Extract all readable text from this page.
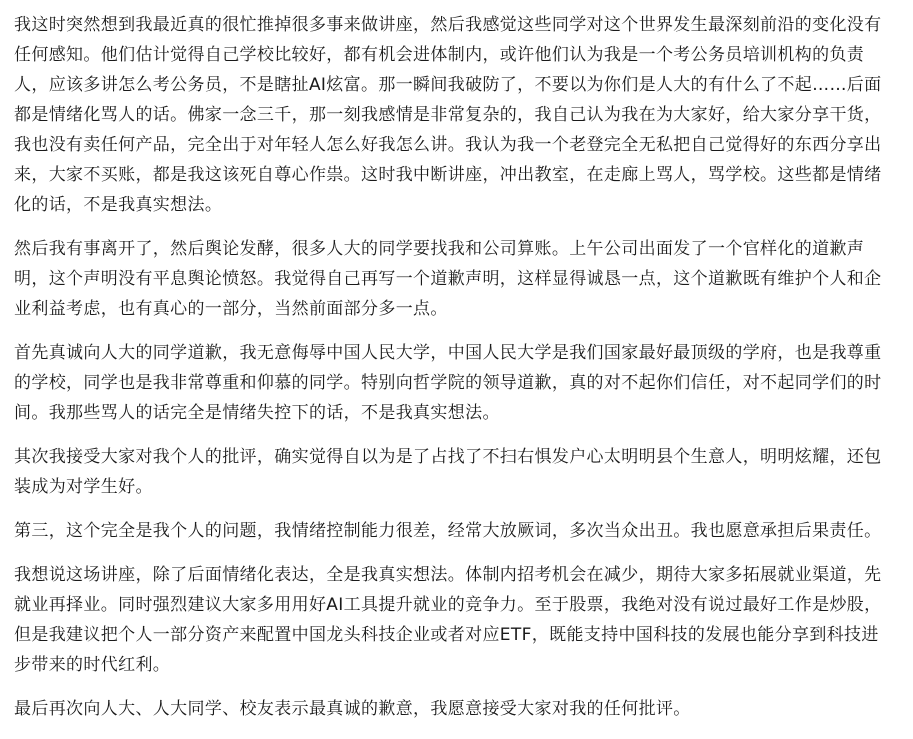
我这时突然想到我最近真的很忙推掉很多事来做讲座，然后我感觉这些同学对这个世界发生最深刻前沿的变化没有任何感知。他们估计觉得自己学校比较好，都有机会进体制内，或许他们认为我是一个考公务员培训机构的负责人，应该多讲怎么考公务员，不是瞎扯AI炫富。那一瞬间我破防了，不要以为你们是人大的有什么了不起……后面都是情绪化骂人的话。佛家一念三千，那一刻我感情是非常复杂的，我自己认为我在为大家好，给大家分享干货，我也没有卖任何产品，完全出于对年轻人怎么好我怎么讲。我认为我一个老登完全无私把自己觉得好的东西分享出来，大家不买账，都是我这该死自尊心作祟。这时我中断讲座，冲出教室，在走廊上骂人，骂学校。这些都是情绪化的话，不是我真实想法。

然后我有事离开了，然后舆论发酵，很多人大的同学要找我和公司算账。上午公司出面发了一个官样化的道歉声明，这个声明没有平息舆论愤怒。我觉得自己再写一个道歉声明，这样显得诚恳一点，这个道歉既有维护个人和企业利益考虑，也有真心的一部分，当然前面部分多一点。

首先真诚向人大的同学道歉，我无意侮辱中国人民大学，中国人民大学是我们国家最好最顶级的学府，也是我尊重的学校，同学也是我非常尊重和仰慕的同学。特别向哲学院的领导道歉，真的对不起你们信任，对不起同学们的时间。我那些骂人的话完全是情绪失控下的话，不是我真实想法。

其次我接受大家对我个人的批评，确实觉得自以为是了占找了不扫右惧发户心太明明县个生意人，明明炫耀，还包装成为对学生好。

第三，这个完全是我个人的问题，我情绪控制能力很差，经常大放厥词，多次当众出丑。我也愿意承担后果责任。

我想说这场讲座，除了后面情绪化表达，全是我真实想法。体制内招考机会在减少，期待大家多拓展就业渠道，先就业再择业。同时强烈建议大家多用用好AI工具提升就业的竞争力。至于股票，我绝对没有说过最好工作是炒股，但是我建议把个人一部分资产来配置中国龙头科技企业或者对应ETF，既能支持中国科技的发展也能分享到科技进步带来的时代红利。

最后再次向人大、人大同学、校友表示最真诚的歉意，我愿意接受大家对我的任何批评。
